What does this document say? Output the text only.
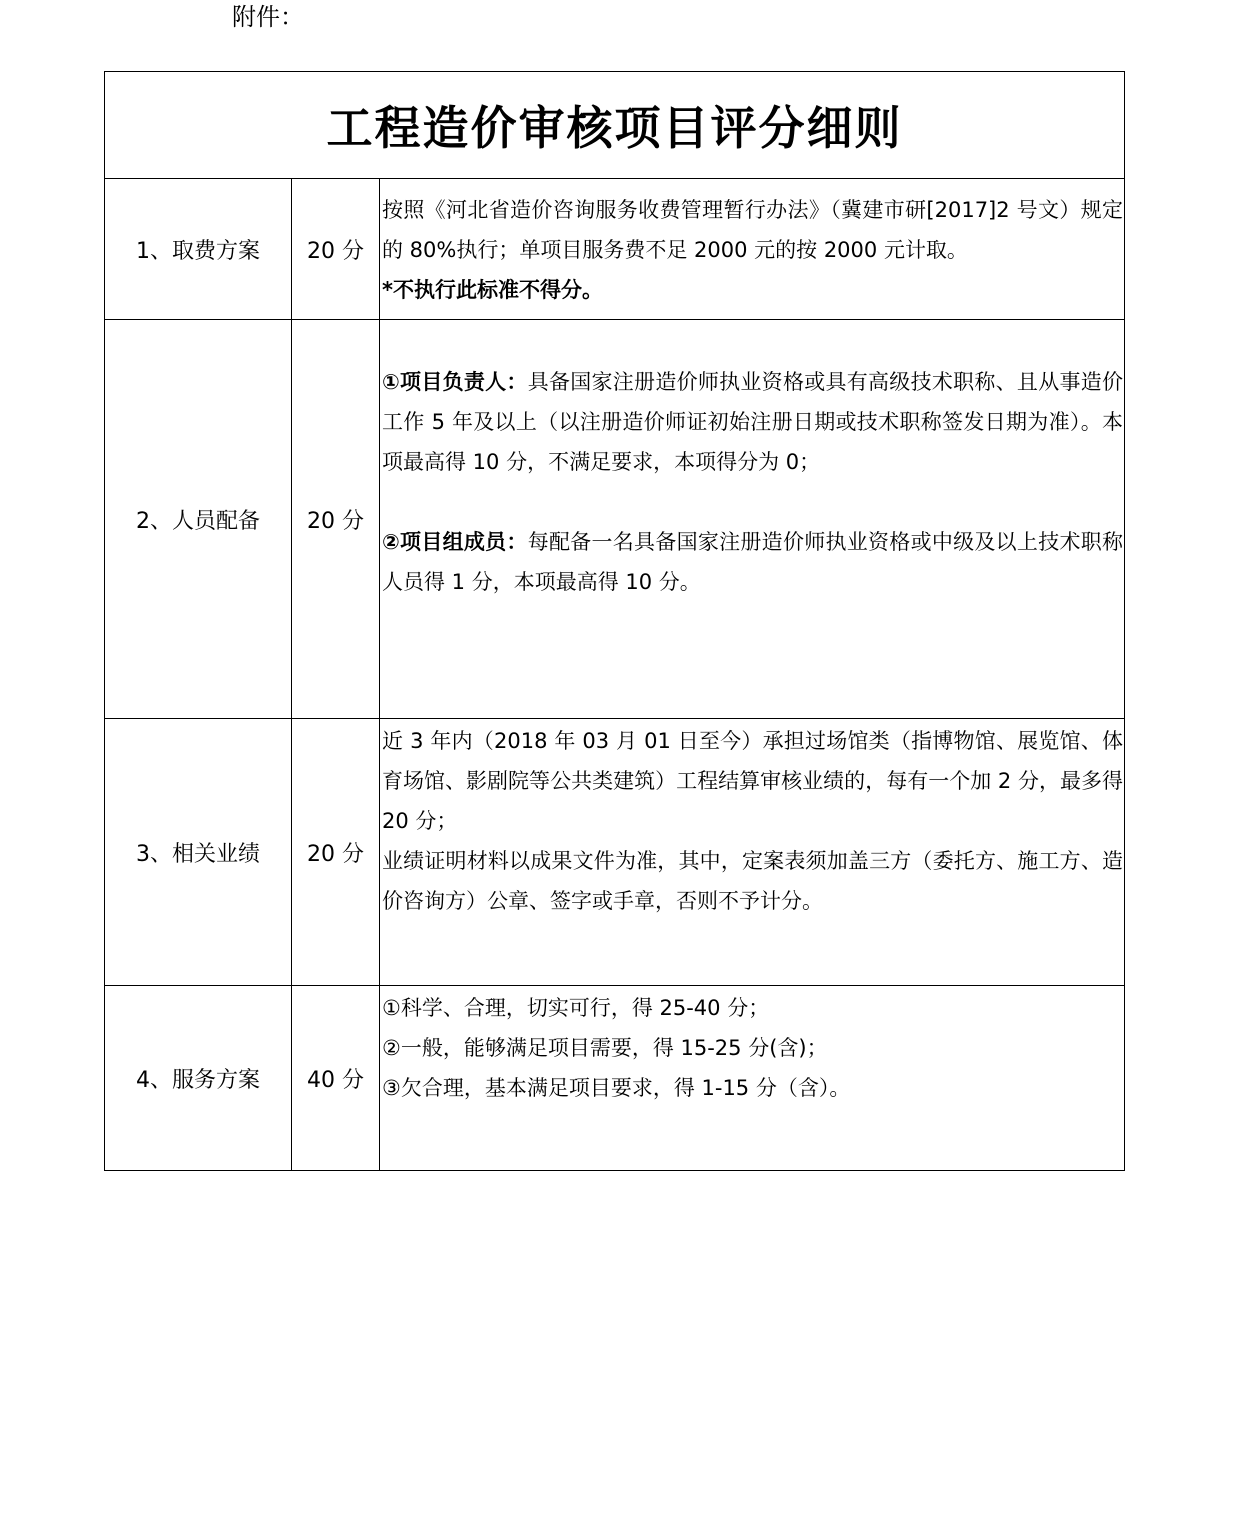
附件：
工程造价审核项目评分细则		
1、取费方案	20 分	按照《河北省造价咨询服务收费管理暂行办法》（冀建市研[2017]2 号文）规定的 80%执行；单项目服务费不足 2000 元的按 2000 元计取。

*不执行此标准不得分。

2、人员配备	20 分	①项目负责人：具备国家注册造价师执业资格或具有高级技术职称、且从事造价工作 5 年及以上（以注册造价师证初始注册日期或技术职称签发日期为准）。本项最高得 10 分，不满足要求，本项得分为 0；

②项目组成员：每配备一名具备国家注册造价师执业资格或中级及以上技术职称人员得 1 分，本项最高得 10 分。

3、相关业绩	20 分	近 3 年内（2018 年 03 月 01 日至今）承担过场馆类（指博物馆、展览馆、体育场馆、影剧院等公共类建筑）工程结算审核业绩的，每有一个加 2 分，最多得 20 分；

业绩证明材料以成果文件为准，其中，定案表须加盖三方（委托方、施工方、造价咨询方）公章、签字或手章，否则不予计分。

4、服务方案	40 分	①科学、合理，切实可行，得 25-40 分；

②一般，能够满足项目需要，得 15-25 分(含)；

③欠合理，基本满足项目要求，得 1-15 分（含）。
